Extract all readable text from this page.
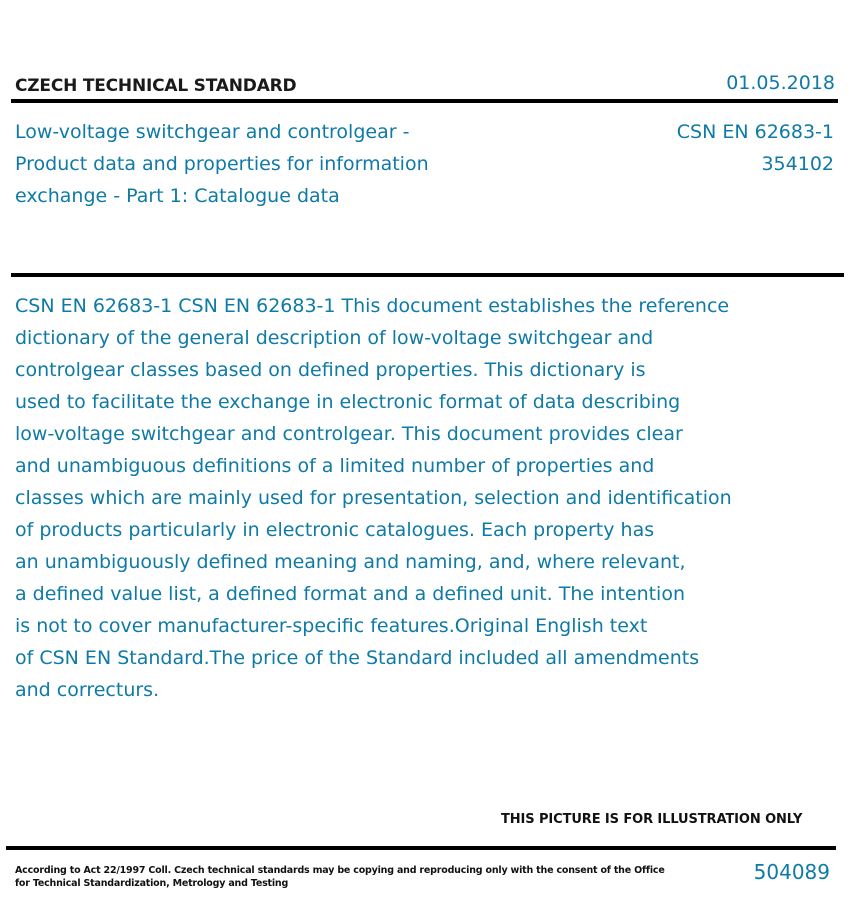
CZECH TECHNICAL STANDARD	01.05.2018
Low-voltage switchgear and controlgear -
Product data and properties for information
exchange - Part 1: Catalogue data
CSN EN 62683-1
354102
CSN EN 62683-1 CSN EN 62683-1 This document establishes the reference
dictionary of the general description of low-voltage switchgear and
controlgear classes based on defined properties. This dictionary is
used to facilitate the exchange in electronic format of data describing
low-voltage switchgear and controlgear. This document provides clear
and unambiguous definitions of a limited number of properties and
classes which are mainly used for presentation, selection and identification
of products particularly in electronic catalogues. Each property has
an unambiguously defined meaning and naming, and, where relevant,
a defined value list, a defined format and a defined unit. The intention
is not to cover manufacturer-specific features.Original English text
of CSN EN Standard.The price of the Standard included all amendments
and correcturs.
THIS PICTURE IS FOR ILLUSTRATION ONLY
According to Act 22/1997 Coll. Czech technical standards may be copying and reproducing only with the consent of the Office
for Technical Standardization, Metrology and Testing	504089
